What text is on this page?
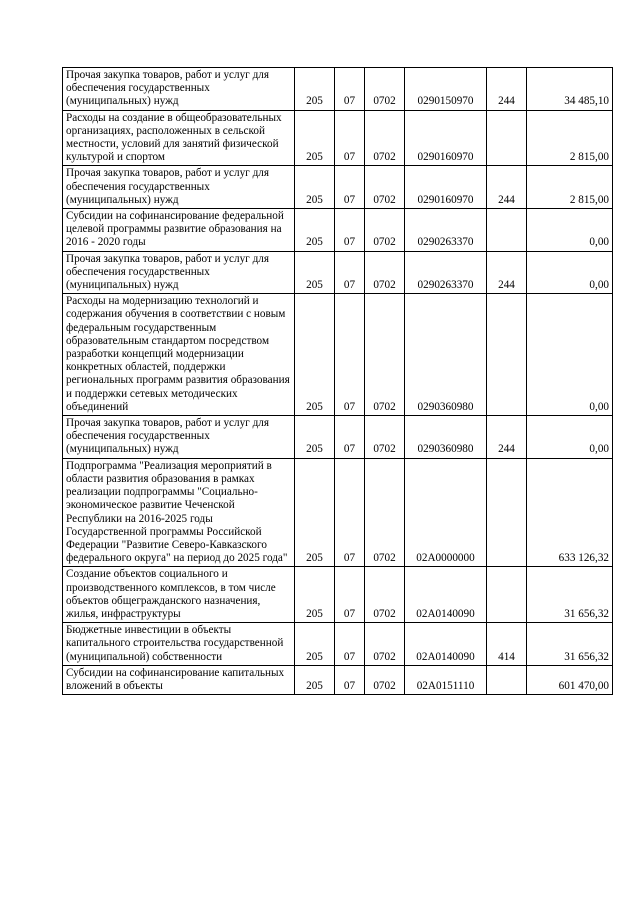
Прочая закупка товаров, работ и услуг для обеспечения государственных (муниципальных) нужд	205	07	0702	0290150970	244	34 485,10
Расходы на создание в общеобразовательных организациях, расположенных в сельской местности, условий для занятий физической культурой и спортом	205	07	0702	0290160970		2 815,00
Прочая закупка товаров, работ и услуг для обеспечения государственных (муниципальных) нужд	205	07	0702	0290160970	244	2 815,00
Субсидии на софинансирование федеральной целевой программы развитие образования на 2016 - 2020 годы	205	07	0702	0290263370		0,00
Прочая закупка товаров, работ и услуг для обеспечения государственных (муниципальных) нужд	205	07	0702	0290263370	244	0,00
Расходы на модернизацию технологий и содержания обучения в соответствии с новым федеральным государственным образовательным стандартом посредством разработки концепций модернизации конкретных областей, поддержки региональных программ развития образования и поддержки сетевых методических объединений	205	07	0702	0290360980		0,00
Прочая закупка товаров, работ и услуг для обеспечения государственных (муниципальных) нужд	205	07	0702	0290360980	244	0,00
Подпрограмма "Реализация мероприятий в области развития образования в рамках реализации подпрограммы "Социально-экономическое развитие Чеченской Республики на 2016-2025 годы Государственной программы Российской Федерации "Развитие Северо-Кавказского федерального округа" на период до 2025 года"	205	07	0702	02А0000000		633 126,32
Создание объектов социального и производственного комплексов, в том числе объектов общегражданского назначения, жилья, инфраструктуры	205	07	0702	02А0140090		31 656,32
Бюджетные инвестиции в объекты капитального строительства государственной (муниципальной) собственности	205	07	0702	02А0140090	414	31 656,32
Субсидии на софинансирование капитальных вложений в объекты	205	07	0702	02А0151110		601 470,00
